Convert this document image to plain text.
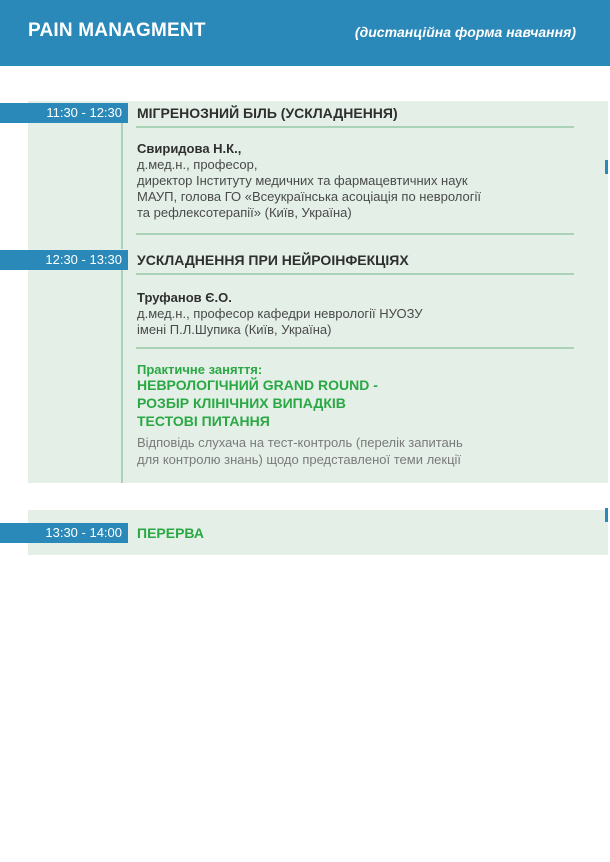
PAIN MANAGMENT	(дистанційна форма навчання)
11:30 - 12:30	МІГРЕНОЗНИЙ БІЛЬ (УСКЛАДНЕННЯ)
Свиридова Н.К.,
д.мед.н., професор,
директор Інституту медичних та фармацевтичних наук
МАУП, голова ГО «Всеукраїнська асоціація по неврології
та рефлексотерапії» (Київ, Україна)
12:30 - 13:30	УСКЛАДНЕННЯ ПРИ НЕЙРОІНФЕКЦІЯХ
Труфанов Є.О.
д.мед.н., професор кафедри неврології НУОЗУ
імені П.Л.Шупика (Київ, Україна)
Практичне заняття:
НЕВРОЛОГІЧНИЙ GRAND ROUND -
РОЗБІР КЛІНІЧНИХ ВИПАДКІВ
ТЕСТОВІ ПИТАННЯ
Відповідь слухача на тест-контроль (перелік запитань
для контролю знань) щодо представленої теми лекції
13:30 - 14:00	ПЕРЕРВА
